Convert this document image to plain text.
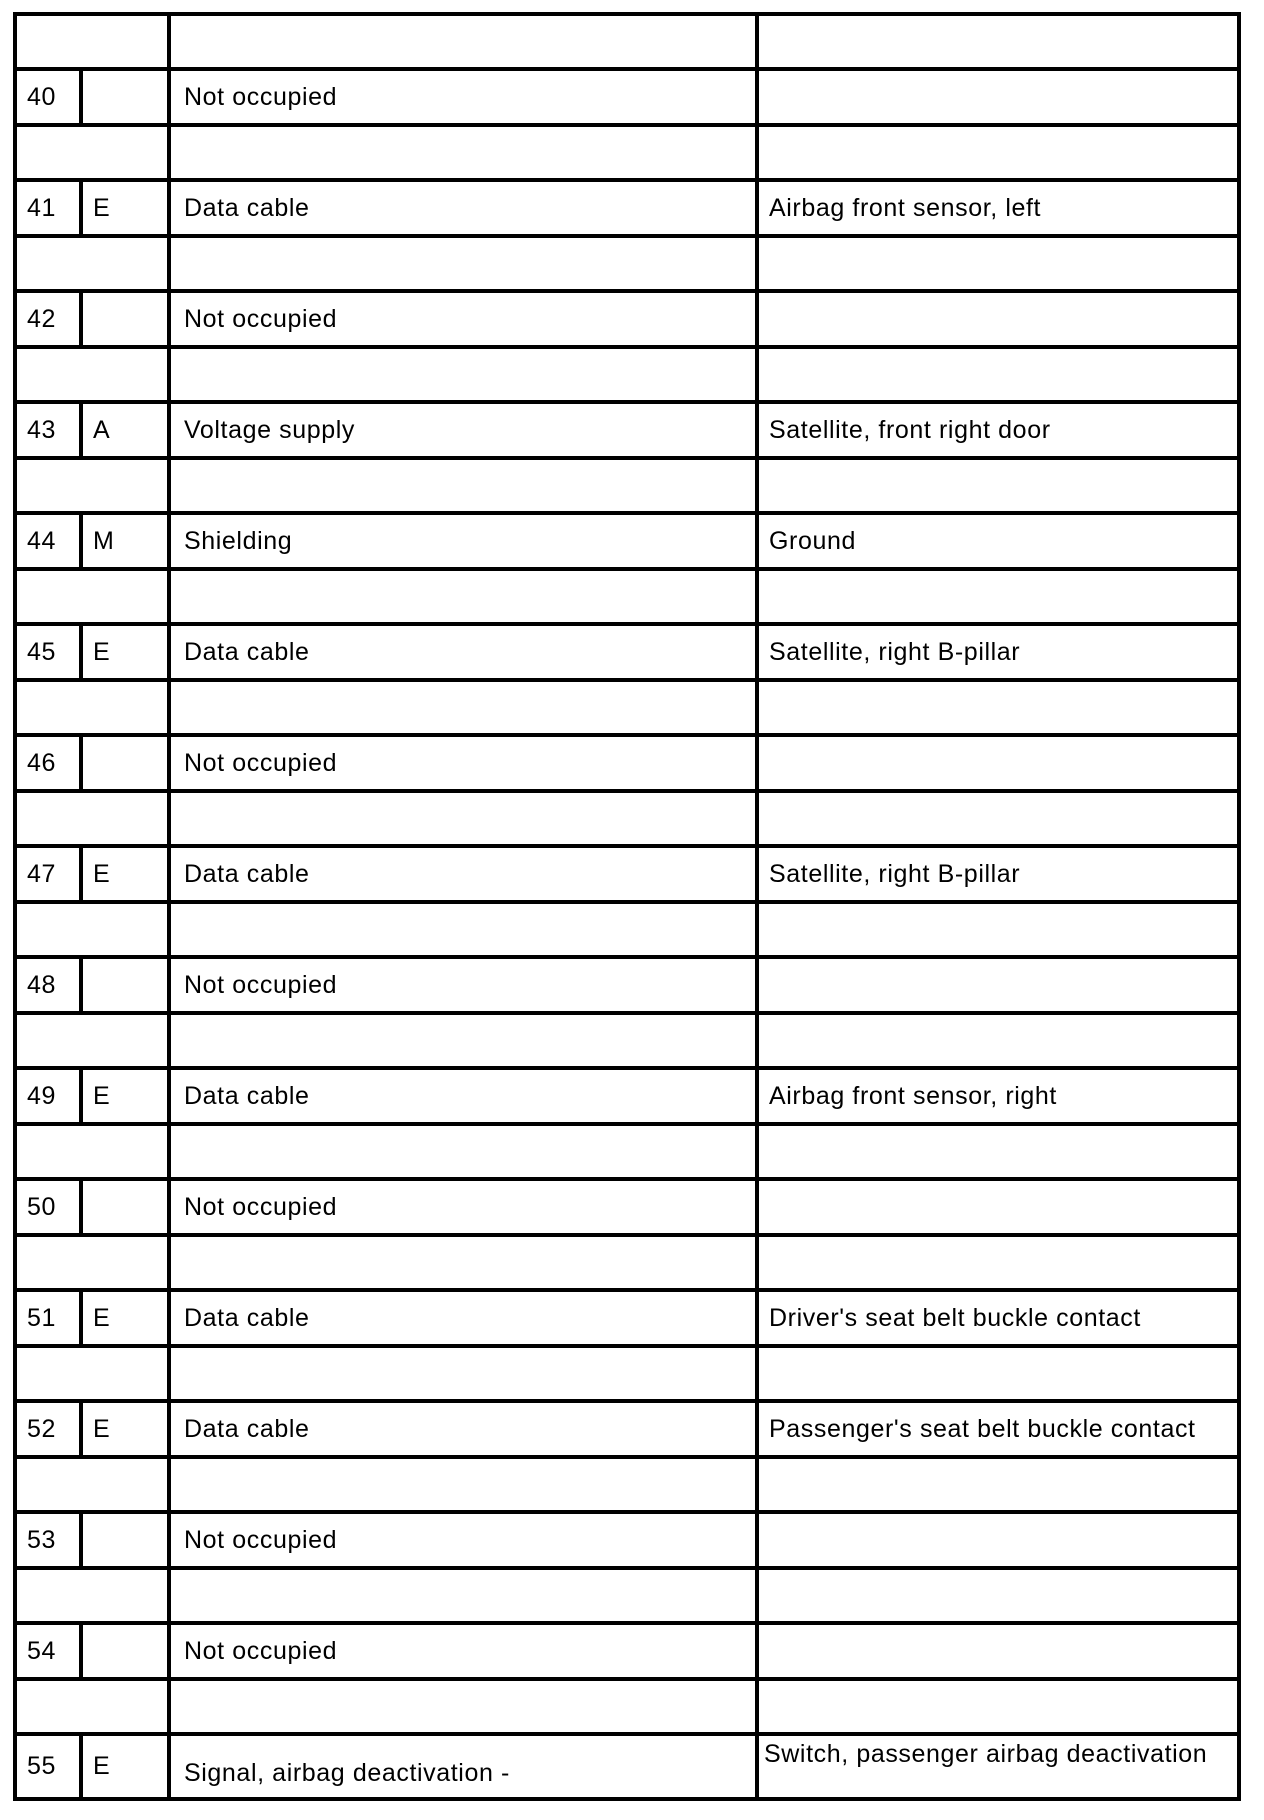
40		Not occupied	

41	E	Data cable	Airbag front sensor, left

42		Not occupied	

43	A	Voltage supply	Satellite, front right door

44	M	Shielding	Ground

45	E	Data cable	Satellite, right B-pillar

46		Not occupied	

47	E	Data cable	Satellite, right B-pillar

48		Not occupied	

49	E	Data cable	Airbag front sensor, right

50		Not occupied	

51	E	Data cable	Driver's seat belt buckle contact

52	E	Data cable	Passenger's seat belt buckle contact

53		Not occupied	

54		Not occupied	

55	E	Signal, airbag deactivation -	Switch, passenger airbag deactivation
